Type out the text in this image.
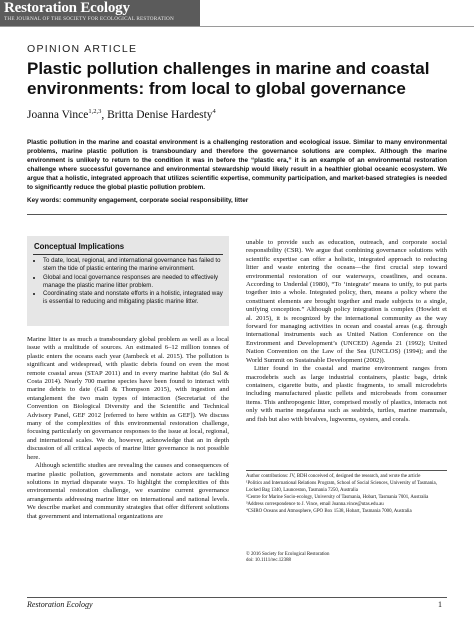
Restoration Ecology
THE JOURNAL OF THE SOCIETY FOR ECOLOGICAL RESTORATION
OPINION ARTICLE
Plastic pollution challenges in marine and coastal environments: from local to global governance
Joanna Vince$^{1,2,3}$, Britta Denise Hardesty$^4$

Plastic pollution in the marine and coastal environment is a challenging restoration and ecological issue. Similar to many environmental problems, marine plastic pollution is transboundary and therefore the governance solutions are complex. Although the marine environment is unlikely to return to the condition it was in before the “plastic era,” it is an example of an environmental restoration challenge where successful governance and environmental stewardship would likely result in a healthier global oceanic ecosystem. We argue that a holistic, integrated approach that utilizes scientific expertise, community participation, and market-based strategies is needed to significantly reduce the global plastic pollution problem.

Key words: community engagement, corporate social responsibility, litter
Conceptual Implications
• To date, local, regional, and international governance has failed to stem the tide of plastic entering the marine environment.
• Global and local governance responses are needed to effectively manage the plastic marine litter problem.
• Coordinating state and nonstate efforts in a holistic, integrated way is essential to reducing and mitigating plastic marine litter.

Marine litter is as much a transboundary global problem as well as a local issue with a multitude of sources. An estimated 6–12 million tonnes of plastic enters the oceans each year (Jambeck et al. 2015). The pollution is significant and widespread, with plastic debris found on even the most remote coastal areas (STAP 2011) and in every marine habitat (do Sul & Costa 2014). Nearly 700 marine species have been found to interact with marine debris to date (Gall & Thompson 2015), with ingestion and entanglement the two main types of interaction (Secretariat of the Convention on Biological Diversity and the Scientific and Technical Advisory Panel, GEF 2012 [referred to here within as GEF]). We discuss many of the complexities of this environmental restoration challenge, focusing particularly on governance responses to the issue at local, regional, and international scales. We do, however, acknowledge that an in depth discussion of all critical aspects of marine litter governance is not possible here.

Although scientific studies are revealing the causes and consequences of marine plastic pollution, governments and nonstate actors are tackling solutions in myriad disparate ways. To highlight the complexities of this environmental restoration challenge, we examine current governance arrangements addressing marine litter on international and national levels. We describe market and community strategies that offer different solutions that government and international organizations are

unable to provide such as education, outreach, and corporate social responsibility (CSR). We argue that combining governance solutions with scientific expertise can offer a holistic, integrated approach to reducing litter and waste entering the oceans—the first crucial step toward environmental restoration of our waterways, coastlines, and oceans. According to Underdal (1980), “To ‘integrate’ means to unify, to put parts together into a whole. Integrated policy, then, means a policy where the constituent elements are brought together and made subjects to a single, unifying conception.” Although policy integration is complex (Howlett et al. 2015), it is recognized by the international community as the way forward for managing activities in ocean and coastal areas (e.g. through international instruments such as United Nation Conference on the Environment and Development’s (UNCED) Agenda 21 (1992); United Nation Convention on the Law of the Sea (UNCLOS) (1994); and the World Summit on Sustainable Development (2002)).

Litter found in the coastal and marine environment ranges from macrodebris such as large industrial containers, plastic bags, drink containers, cigarette butts, and plastic fragments, to small microdebris including manufactured plastic pellets and microbeads from consumer items. This anthropogenic litter, comprised mostly of plastics, interacts not only with marine megafauna such as seabirds, turtles, marine mammals, and fish but also with bivalves, lugworms, oysters, and corals.

Author contributions: JV, BDH conceived of, designed the research, and wrote the article

¹Politics and International Relations Program, School of Social Sciences, University of Tasmania, Locked Bag 1340, Launceston, Tasmania 7250, Australia

²Centre for Marine Socio-ecology, University of Tasmania, Hobart, Tasmania 7001, Australia

³Address correspondence to J. Vince, email Joanna.vince@utas.edu.au

⁴CSIRO Oceans and Atmosphere, GPO Box 1538, Hobart, Tasmania 7000, Australia

© 2016 Society for Ecological Restoration
doi: 10.1111/rec.12388
Restoration Ecology	1
